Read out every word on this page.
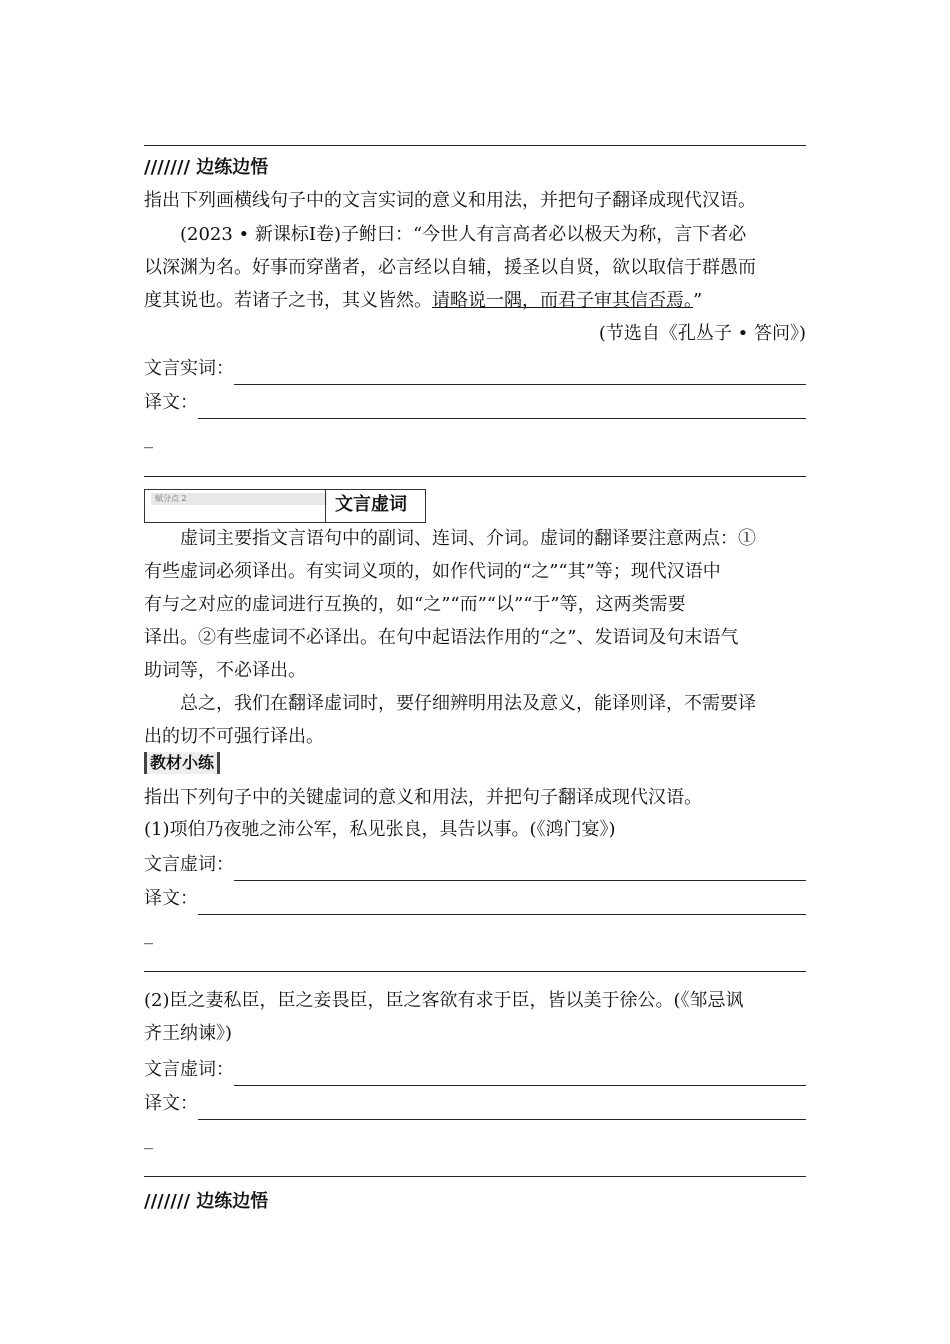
/////// 边练边悟
指出下列画横线句子中的文言实词的意义和用法，并把句子翻译成现代汉语。
(2023 • 新课标Ⅰ卷)子鲋曰：“今世人有言高者必以极天为称，言下者必
以深渊为名。好事而穿凿者，必言经以自辅，援圣以自贤，欲以取信于群愚而
度其说也。若诸子之书，其义皆然。请略说一隅，而君子审其信否焉。”
(节选自《孔丛子 • 答问》)
文言实词：
译文：
_
赋分点 2	文言虚词
虚词主要指文言语句中的副词、连词、介词。虚词的翻译要注意两点：①
有些虚词必须译出。有实词义项的，如作代词的“之”“其”等；现代汉语中
有与之对应的虚词进行互换的，如“之”“而”“以”“于”等，这两类需要
译出。②有些虚词不必译出。在句中起语法作用的“之”、发语词及句末语气
助词等，不必译出。
总之，我们在翻译虚词时，要仔细辨明用法及意义，能译则译，不需要译
出的切不可强行译出。
教材小练
指出下列句子中的关键虚词的意义和用法，并把句子翻译成现代汉语。
(1)项伯乃夜驰之沛公军，私见张良，具告以事。(《鸿门宴》)
文言虚词：
译文：
_
(2)臣之妻私臣，臣之妾畏臣，臣之客欲有求于臣，皆以美于徐公。(《邹忌讽
齐王纳谏》)
文言虚词：
译文：
_
/////// 边练边悟
